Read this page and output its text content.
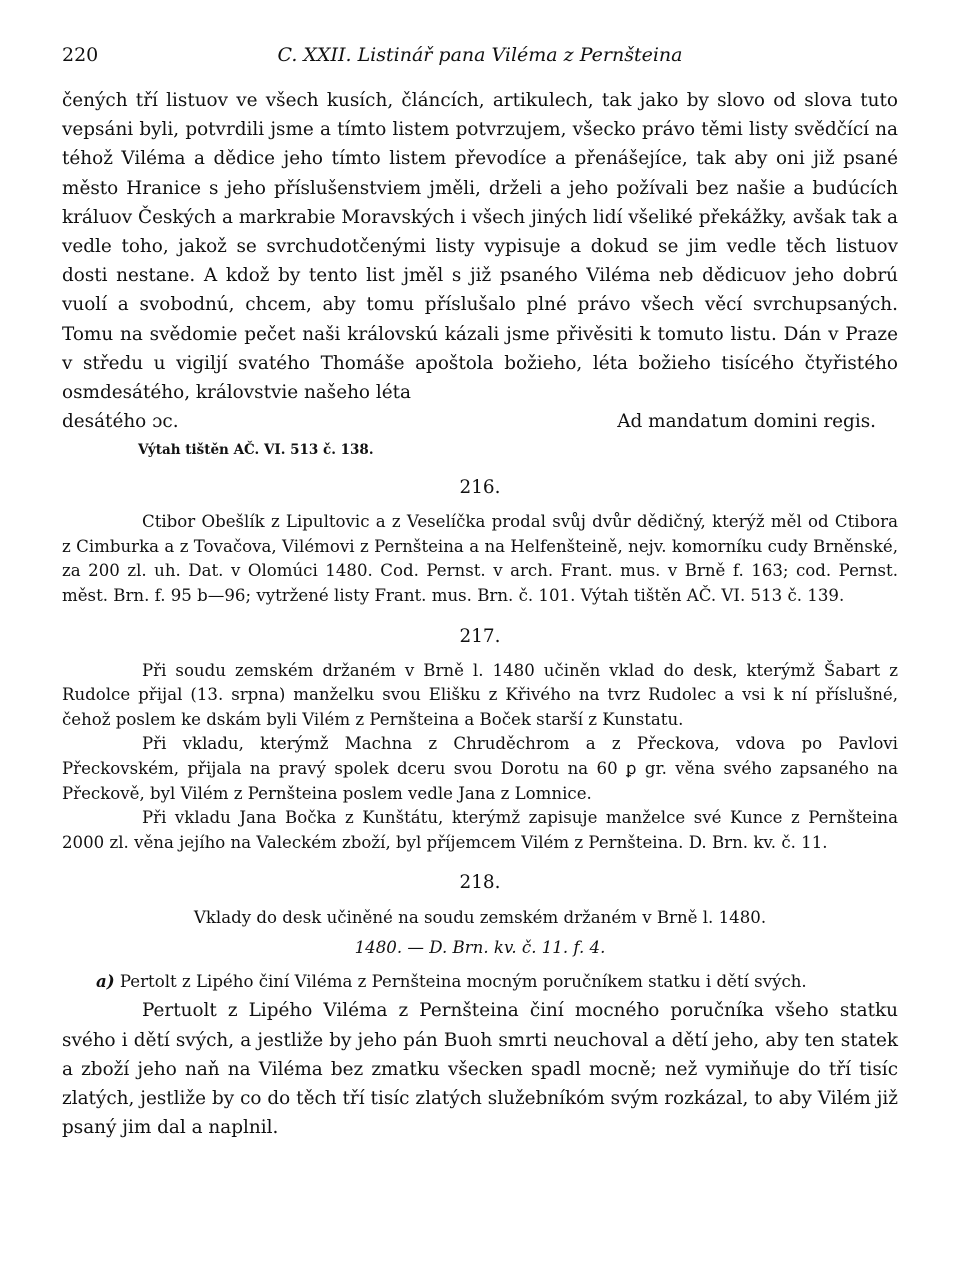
220	C. XXII. Listinář pana Viléma z Pernšteina

čených tří listuov ve všech kusích, článcích, artikulech, tak jako by slovo od slova tuto vepsáni byli, potvrdili jsme a tímto listem potvrzujem, všecko právo těmi listy svědčící na téhož Viléma a dědice jeho tímto listem převodíce a přenášejíce, tak aby oni již psané město Hranice s jeho příslušenstviem jměli, drželi a jeho požívali bez našie a budúcích králuov Českých a markrabie Moravských i všech jiných lidí všeliké překážky, avšak tak a vedle toho, jakož se svrchudotčenými listy vypisuje a dokud se jim vedle těch listuov dosti nestane. A kdož by tento list jměl s již psaného Viléma neb dědicuov jeho dobrú vuolí a svobodnú, chcem, aby tomu příslušalo plné právo všech věcí svrchupsaných. Tomu na svědomie pečet naši královskú kázali jsme přivěsiti k tomuto listu. Dán v Praze v středu u vigiljí svatého Thomáše apoštola božieho, léta božieho tisícého čtyřistého osmdesátého, královstvie našeho léta

desátého ɔc.	Ad mandatum domini regis.

Výtah tištěn AČ. VI. 513 č. 138.

216.

Ctibor Obešlík z Lipultovic a z Veselíčka prodal svůj dvůr dědičný, kterýž měl od Ctibora z Cimburka a z Tovačova, Vilémovi z Pernšteina a na Helfenšteině, nejv. komorníku cudy Brněnské, za 200 zl. uh. Dat. v Olomúci 1480. Cod. Pernst. v arch. Frant. mus. v Brně f. 163; cod. Pernst. měst. Brn. f. 95 b—96; vytržené listy Frant. mus. Brn. č. 101. Výtah tištěn AČ. VI. 513 č. 139.

217.

Při soudu zemském držaném v Brně l. 1480 učiněn vklad do desk, kterýmž Šabart z Rudolce přijal (13. srpna) manželku svou Elišku z Křivého na tvrz Rudolec a vsi k ní příslušné, čehož poslem ke dskám byli Vilém z Pernšteina a Boček starší z Kunstatu.

Při vkladu, kterýmž Machna z Chruděchrom a z Přeckova, vdova po Pavlovi Přeckovském, přijala na pravý spolek dceru svou Dorotu na 60 ꝑ gr. věna svého zapsaného na Přeckově, byl Vilém z Pernšteina poslem vedle Jana z Lomnice.

Při vkladu Jana Bočka z Kunštátu, kterýmž zapisuje manželce své Kunce z Pernšteina 2000 zl. věna jejího na Valeckém zboží, byl příjemcem Vilém z Pernšteina. D. Brn. kv. č. 11.

218.

Vklady do desk učiněné na soudu zemském držaném v Brně l. 1480.

1480. — D. Brn. kv. č. 11. f. 4.

a) Pertolt z Lipého činí Viléma z Pernšteina mocným poručníkem statku i dětí svých.

Pertuolt z Lipého Viléma z Pernšteina činí mocného poručníka všeho statku svého i dětí svých, a jestliže by jeho pán Buoh smrti neuchoval a dětí jeho, aby ten statek a zboží jeho naň na Viléma bez zmatku všecken spadl mocně; než vymiňuje do tří tisíc zlatých, jestliže by co do těch tří tisíc zlatých služebníkóm svým rozkázal, to aby Vilém již psaný jim dal a naplnil.
